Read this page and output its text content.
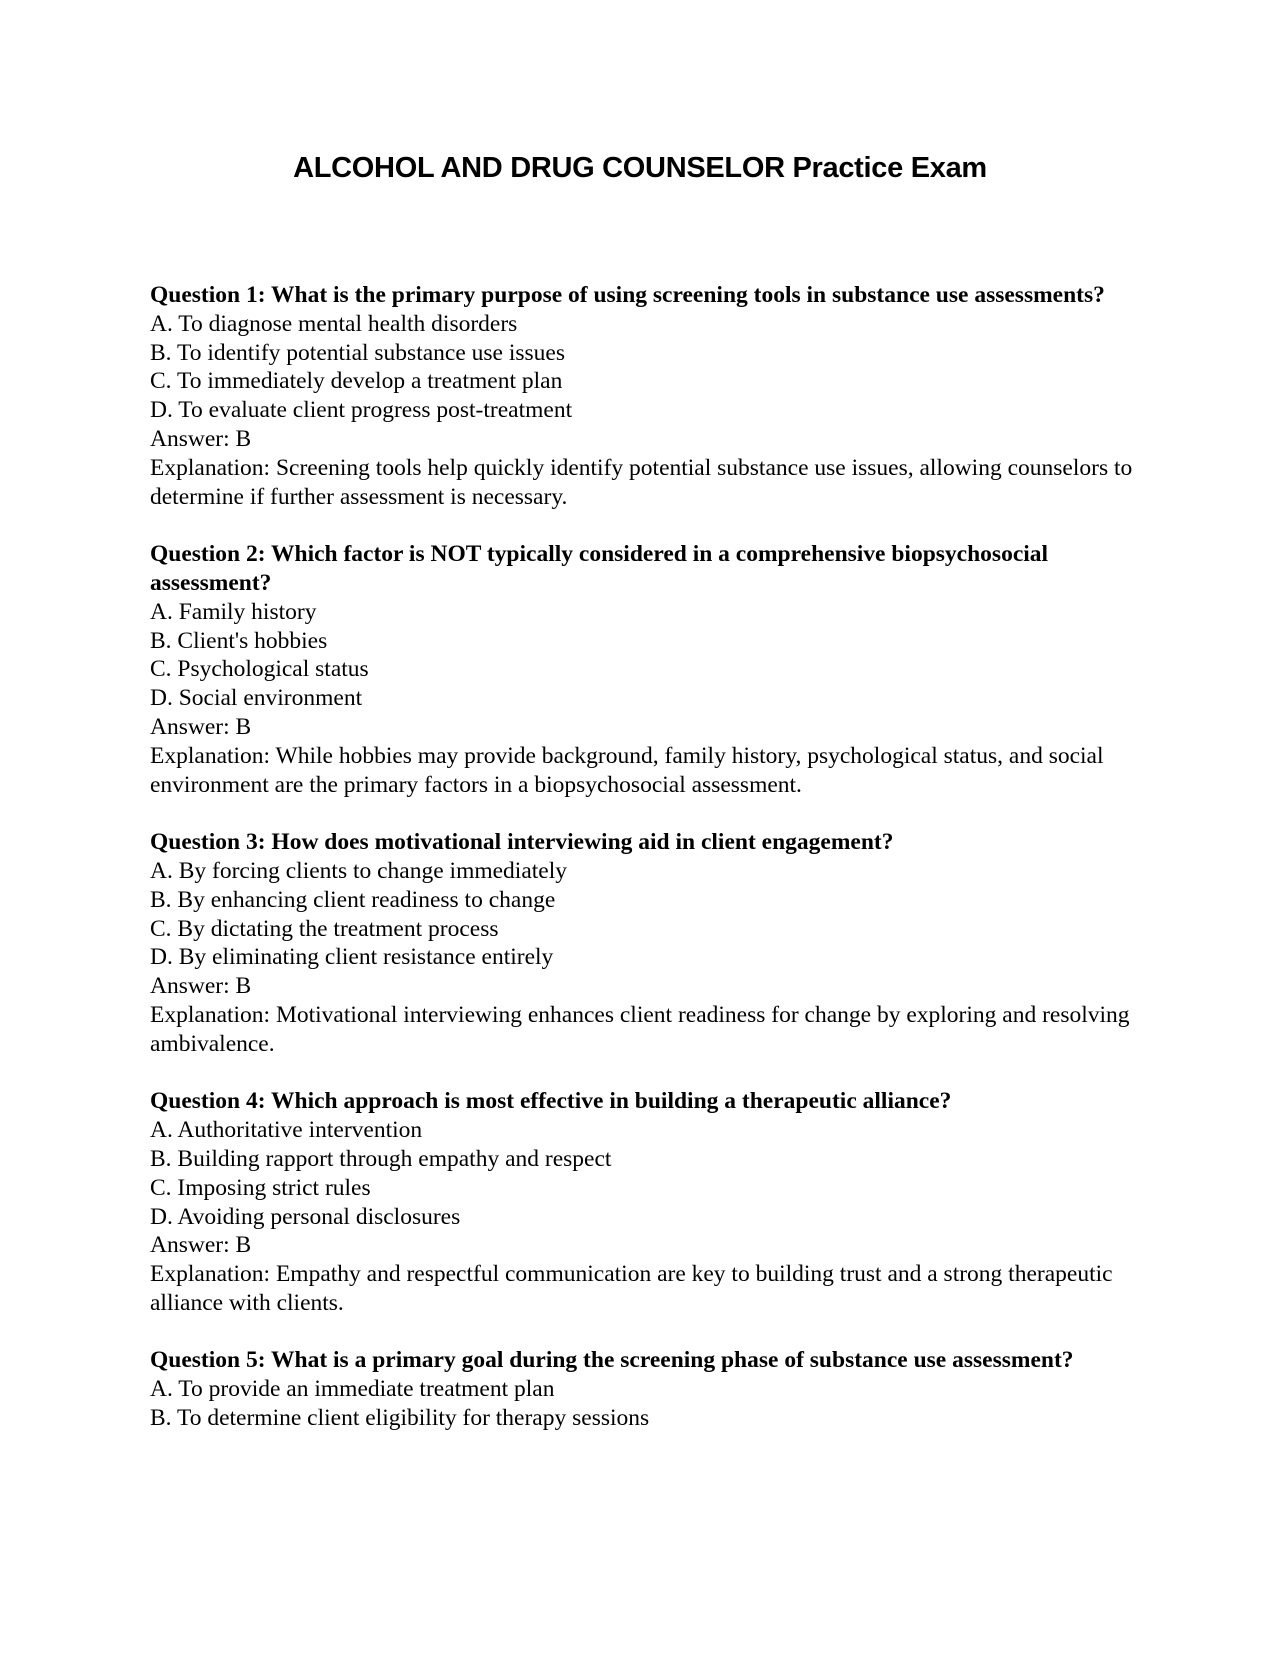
ALCOHOL AND DRUG COUNSELOR Practice Exam
Question 1: What is the primary purpose of using screening tools in substance use assessments?
A. To diagnose mental health disorders
B. To identify potential substance use issues
C. To immediately develop a treatment plan
D. To evaluate client progress post-treatment
Answer: B
Explanation: Screening tools help quickly identify potential substance use issues, allowing counselors to determine if further assessment is necessary.
Question 2: Which factor is NOT typically considered in a comprehensive biopsychosocial assessment?
A. Family history
B. Client's hobbies
C. Psychological status
D. Social environment
Answer: B
Explanation: While hobbies may provide background, family history, psychological status, and social environment are the primary factors in a biopsychosocial assessment.
Question 3: How does motivational interviewing aid in client engagement?
A. By forcing clients to change immediately
B. By enhancing client readiness to change
C. By dictating the treatment process
D. By eliminating client resistance entirely
Answer: B
Explanation: Motivational interviewing enhances client readiness for change by exploring and resolving ambivalence.
Question 4: Which approach is most effective in building a therapeutic alliance?
A. Authoritative intervention
B. Building rapport through empathy and respect
C. Imposing strict rules
D. Avoiding personal disclosures
Answer: B
Explanation: Empathy and respectful communication are key to building trust and a strong therapeutic alliance with clients.
Question 5: What is a primary goal during the screening phase of substance use assessment?
A. To provide an immediate treatment plan
B. To determine client eligibility for therapy sessions
